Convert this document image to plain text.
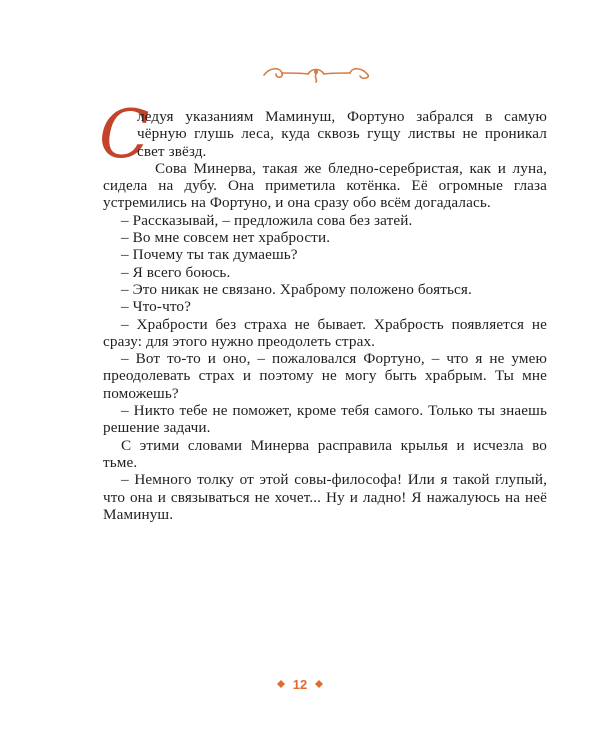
С
ледуя указаниям Маминуш, Фортуно забрался в самую чёрную глушь леса, куда сквозь гущу листвы не проникал свет звёзд.

Сова Минерва, такая же бледно-серебристая, как и луна, сидела на дубу. Она приметила котёнка. Её огромные глаза устремились на Фортуно, и она сразу обо всём догадалась.

– Рассказывай, – предложила сова без затей.

– Во мне совсем нет храбрости.

– Почему ты так думаешь?

– Я всего боюсь.

– Это никак не связано. Храброму положено бояться.

– Что-что?

– Храбрости без страха не бывает. Храбрость появляется не сразу: для этого нужно преодолеть страх.

– Вот то-то и оно, – пожаловался Фортуно, – что я не умею преодолевать страх и поэтому не могу быть храбрым. Ты мне поможешь?

– Никто тебе не поможет, кроме тебя самого. Только ты знаешь решение задачи.

С этими словами Минерва расправила крылья и исчезла во тьме.

– Немного толку от этой совы-философа! Или я такой глупый, что она и связываться не хочет... Ну и ладно! Я нажалуюсь на неё Маминуш.

12
